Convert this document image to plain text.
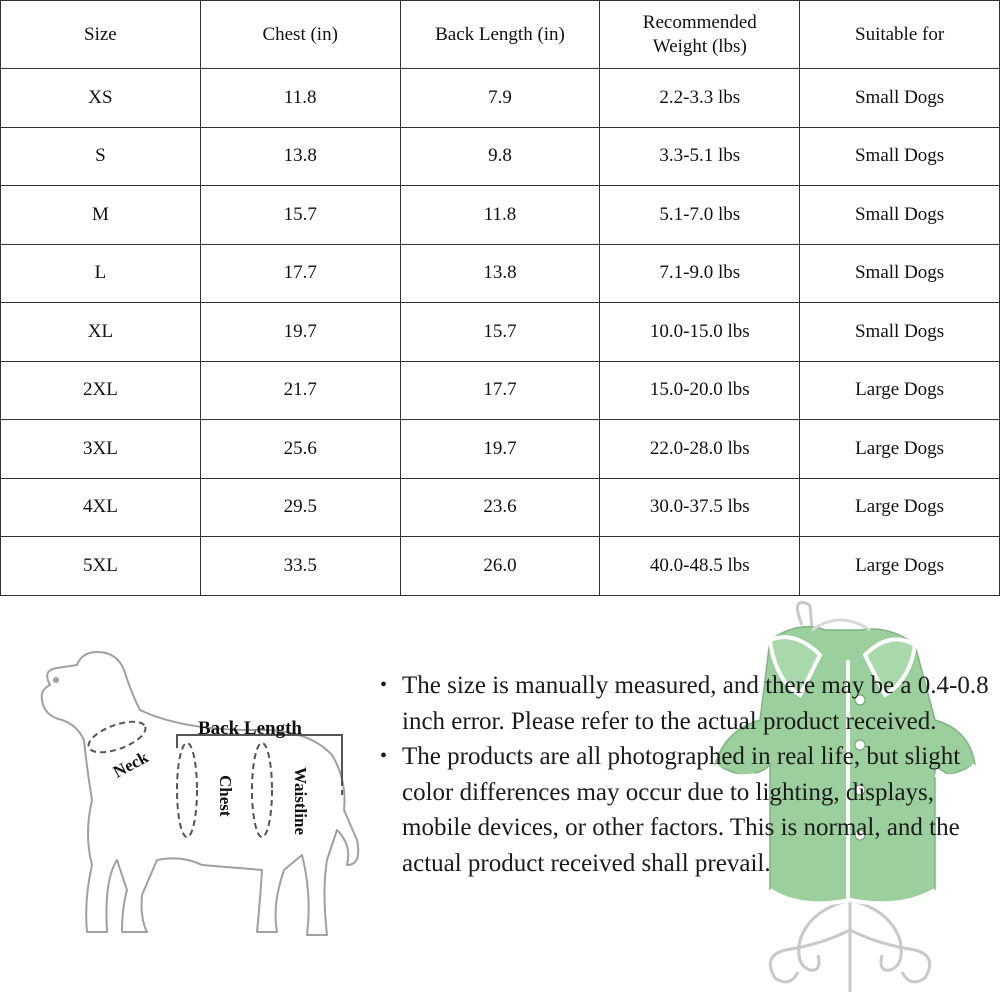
Size	Chest (in)	Back Length (in)	Recommended Weight (lbs)	Suitable for
XS	11.8	7.9	2.2-3.3 lbs	Small Dogs
S	13.8	9.8	3.3-5.1 lbs	Small Dogs
M	15.7	11.8	5.1-7.0 lbs	Small Dogs
L	17.7	13.8	7.1-9.0 lbs	Small Dogs
XL	19.7	15.7	10.0-15.0 lbs	Small Dogs
2XL	21.7	17.7	15.0-20.0 lbs	Large Dogs
3XL	25.6	19.7	22.0-28.0 lbs	Large Dogs
4XL	29.5	23.6	30.0-37.5 lbs	Large Dogs
5XL	33.5	26.0	40.0-48.5 lbs	Large Dogs
Back Length
Neck
Chest	Waistline
• The size is manually measured, and there may be a 0.4-0.8 inch error. Please refer to the actual product received.
• The products are all photographed in real life, but slight color differences may occur due to lighting, displays, mobile devices, or other factors. This is normal, and the actual product received shall prevail.
